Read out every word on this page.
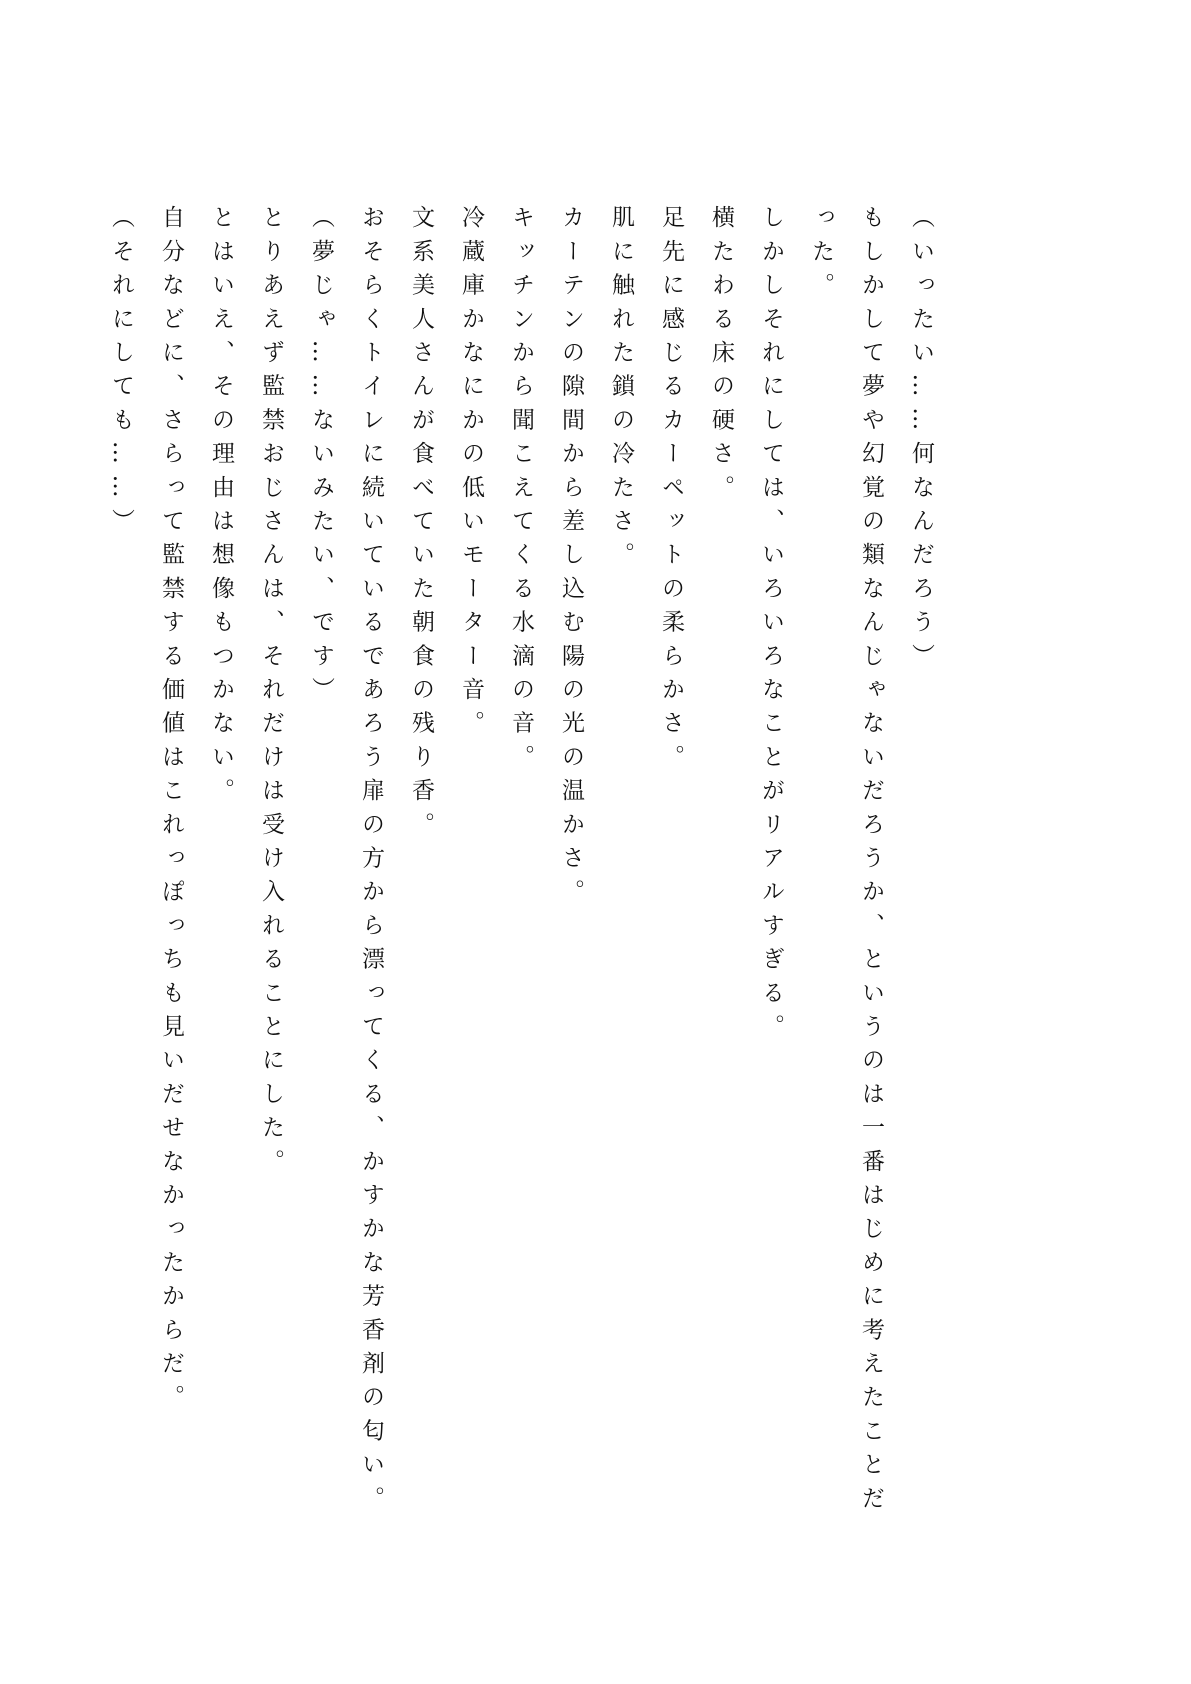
（いったい……何なんだろう）

もしかして夢や幻覚の類なんじゃないだろうか、というのは一番はじめに考えたことだった。

しかしそれにしては、いろいろなことがリアルすぎる。

横たわる床の硬さ。

足先に感じるカーペットの柔らかさ。

肌に触れた鎖の冷たさ。

カーテンの隙間から差し込む陽の光の温かさ。

キッチンから聞こえてくる水滴の音。

冷蔵庫かなにかの低いモーター音。

文系美人さんが食べていた朝食の残り香。

おそらくトイレに続いているであろう扉の方から漂ってくる、かすかな芳香剤の匂い。

（夢じゃ……ないみたい、です）

とりあえず監禁おじさんは、それだけは受け入れることにした。

とはいえ、その理由は想像もつかない。

自分などに、さらって監禁する価値はこれっぽっちも見いだせなかったからだ。

（それにしても……）
